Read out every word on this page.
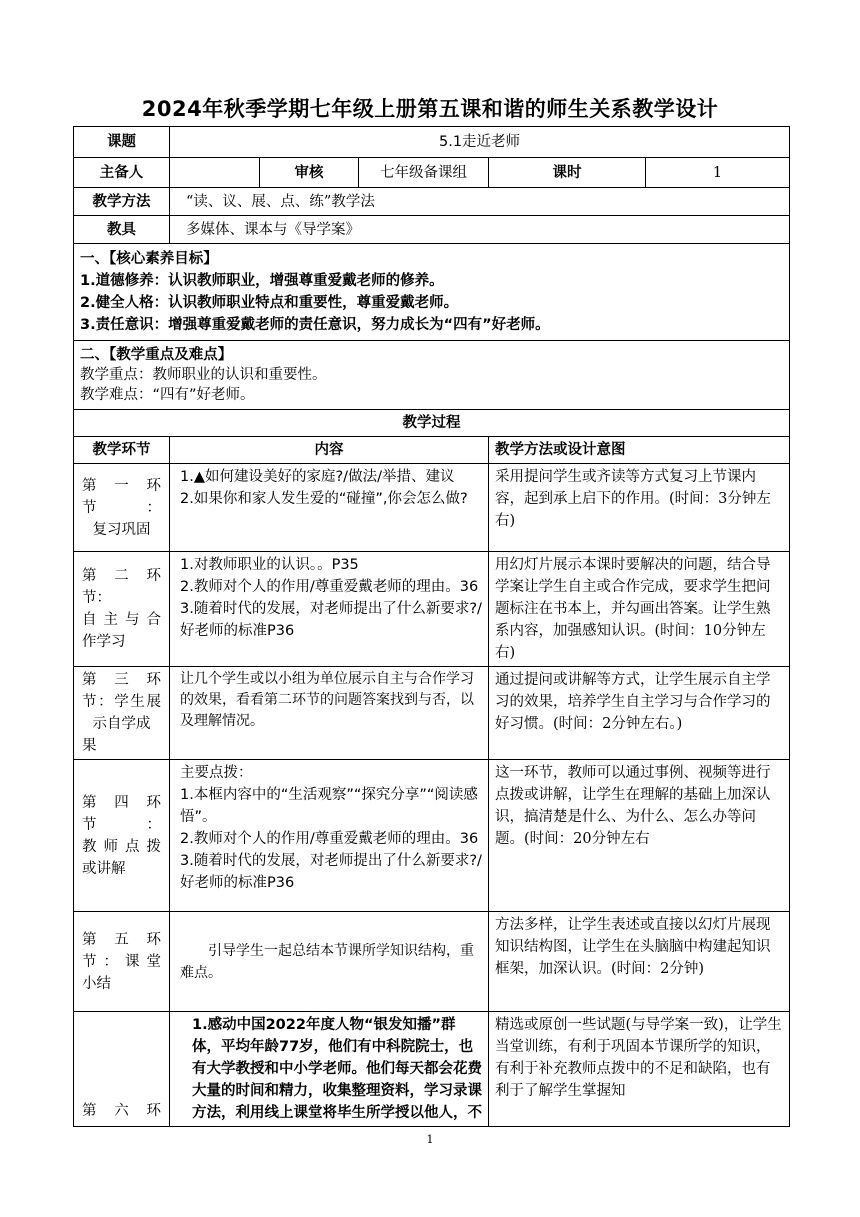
2024年秋季学期七年级上册第五课和谐的师生关系教学设计
课题	5.1走近老师				
主备人		审核	七年级备课组	课时	1
教学方法	“读、议、展、点、练”教学法				
教具	多媒体、课本与《导学案》				

一、【核心素养目标】
1.道德修养：认识教师职业，增强尊重爱戴老师的修养。
2.健全人格：认识教师职业特点和重要性，尊重爱戴老师。
3.责任意识：增强尊重爱戴老师的责任意识，努力成长为“四有”好老师。					

二、【教学重点及难点】
教学重点：教师职业的认识和重要性。
教学难点：“四有”好老师。					

教学过程					
教学环节	内容			教学方法或设计意图	

第　一　环
节　：
复习巩固	1.▲如何建设美好的家庭?/做法/举措、建议
2.如果你和家人发生爱的“碰撞”,你会怎么做?			采用提问学生或齐读等方式复习上节课内容，起到承上启下的作用。(时间：3分钟左右)	

第　二　环
节：
自主与合
作学习	1.对教师职业的认识。。P35
2.教师对个人的作用/尊重爱戴老师的理由。36
3.随着时代的发展，对老师提出了什么新要求?/好老师的标准P36			用幻灯片展示本课时要解决的问题，结合导学案让学生自主或合作完成，要求学生把问题标注在书本上，并勾画出答案。让学生熟系内容，加强感知认识。(时间：10分钟左右)	

第　三　环
节：学生展
示自学成
果	让几个学生或以小组为单位展示自主与合作学习的效果，看看第二环节的问题答案找到与否，以及理解情况。			通过提问或讲解等方式，让学生展示自主学习的效果，培养学生自主学习与合作学习的好习惯。(时间：2分钟左右。)	

第　四　环
节　：
教 师 点 拨
或讲解	主要点拨：
1.本框内容中的“生活观察”“探究分享”“阅读感悟”。
2.教师对个人的作用/尊重爱戴老师的理由。36
3.随着时代的发展，对老师提出了什么新要求?/好老师的标准P36			这一环节，教师可以通过事例、视频等进行点拨或讲解，让学生在理解的基础上加深认识，搞清楚是什么、为什么、怎么办等问题。(时间：20分钟左右	

第　五　环
节 ： 课 堂
小结	引导学生一起总结本节课所学知识结构，重难点。			方法多样，让学生表述或直接以幻灯片展现知识结构图，让学生在头脑脑中构建起知识框架，加深认识。(时间：2分钟)	

第　六　环	1.感动中国2022年度人物“银发知播”群体，平均年龄77岁，他们有中科院院士，也有大学教授和中小学老师。他们每天都会花费大量的时间和精力，收集整理资料，学习录课方法，利用线上课堂将毕生所学授以他人，不			精选或原创一些试题(与导学案一致)，让学生当堂训练，有利于巩固本节课所学的知识，有利于补充教师点拨中的不足和缺陷，也有利于了解学生掌握知	
1
